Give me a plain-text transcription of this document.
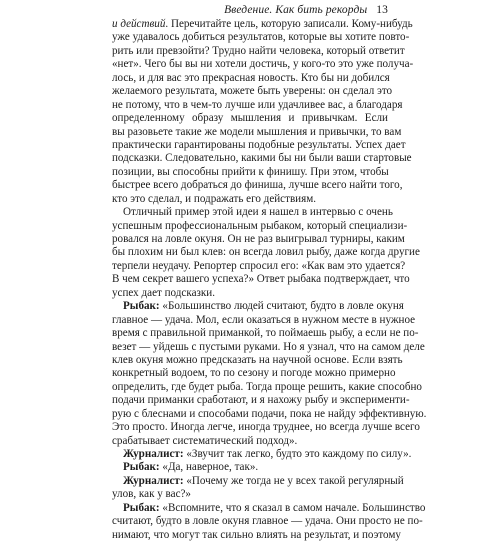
Введение. Как бить рекорды 13
и действий. Перечитайте цель, которую записали. Кому-нибудь
уже удавалось добиться результатов, которые вы хотите повто-
рить или превзойти? Трудно найти человека, который ответит
«нет». Чего бы вы ни хотели достичь, у кого-то это уже получа-
лось, и для вас это прекрасная новость. Кто бы ни добился
желаемого результата, можете быть уверены: он сделал это
не потому, что в чем-то лучше или удачливее вас, а благодаря
определенному образу мышления и привычкам. Если
вы разовьете такие же модели мышления и привычки, то вам
практически гарантированы подобные результаты. Успех дает
подсказки. Следовательно, какими бы ни были ваши стартовые
позиции, вы способны прийти к финишу. При этом, чтобы
быстрее всего добраться до финиша, лучше всего найти того,
кто это сделал, и подражать его действиям.
Отличный пример этой идеи я нашел в интервью с очень
успешным профессиональным рыбаком, который специализи-
ровался на ловле окуня. Он не раз выигрывал турниры, каким
бы плохим ни был клев: он всегда ловил рыбу, даже когда другие
терпели неудачу. Репортер спросил его: «Как вам это удается?
В чем секрет вашего успеха?» Ответ рыбака подтверждает, что
успех дает подсказки.
Рыбак: «Большинство людей считают, будто в ловле окуня
главное — удача. Мол, если оказаться в нужном месте в нужное
время с правильной приманкой, то поймаешь рыбу, а если не по-
везет — уйдешь с пустыми руками. Но я узнал, что на самом деле
клев окуня можно предсказать на научной основе. Если взять
конкретный водоем, то по сезону и погоде можно примерно
определить, где будет рыба. Тогда проще решить, какие способно
подачи приманки сработают, и я нахожу рыбу и эксперименти-
рую с блеснами и способами подачи, пока не найду эффективную.
Это просто. Иногда легче, иногда труднее, но всегда лучше всего
срабатывает систематический подход».
Журналист: «Звучит так легко, будто это каждому по силу».
Рыбак: «Да, наверное, так».
Журналист: «Почему же тогда не у всех такой регулярный
улов, как у вас?»
Рыбак: «Вспомните, что я сказал в самом начале. Большинство
считают, будто в ловле окуня главное — удача. Они просто не по-
нимают, что могут так сильно влиять на результат, и поэтому
